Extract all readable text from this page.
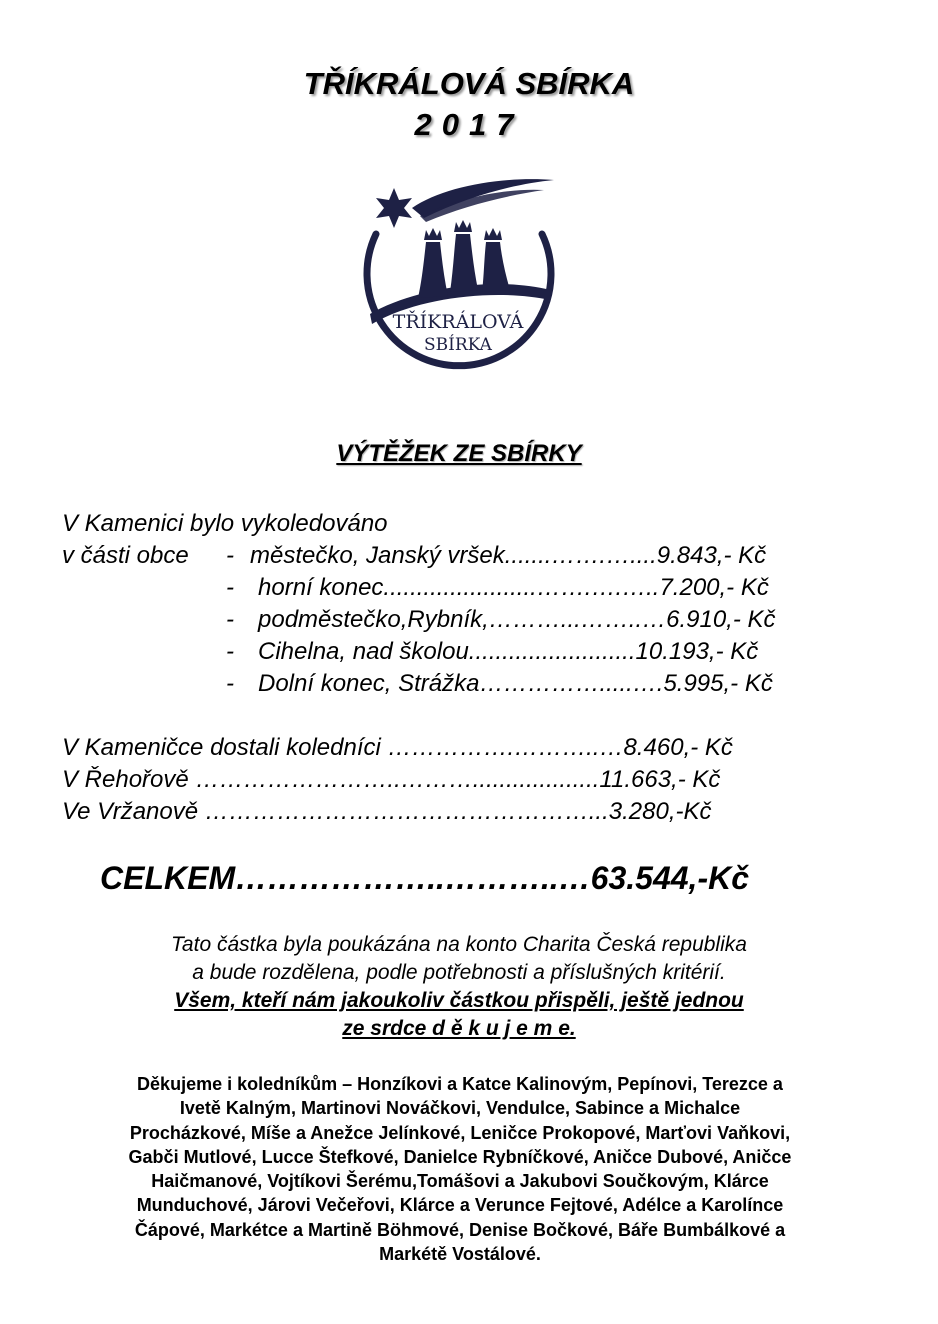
TŘÍKRÁLOVÁ SBÍRKA
2017
TŘÍKRÁLOVÁ
SBÍRKA
VÝTĚŽEK ZE SBÍRKY
V Kamenici bylo vykoledováno
v části obce - městečko, Janský vršek.......…….…....9.843,- Kč
- horní konec.......................…….….…..7.200,- Kč
- podměstečko,Rybník,………...……..…6.910,- Kč
- Cihelna, nad školou.........................10.193,- Kč
- Dolní konec, Strážka…………….....….5.995,- Kč
V Kameničce dostali koledníci …………….………..…8.460,- Kč
V Řehořově ……………………..………...................11.663,- Kč
Ve Vržanově …………………………………………...3.280,-Kč
CELKEM………………..………..…63.544,-Kč
Tato částka byla poukázána na konto Charita Česká republika
a bude rozdělena, podle potřebnosti a příslušných kritérií.
Všem, kteří nám jakoukoliv částkou přispěli, ještě jednou
ze srdce d ě k u j e m e.
Děkujeme i koledníkům – Honzíkovi a Katce Kalinovým, Pepínovi, Terezce a
Ivetě Kalným, Martinovi Nováčkovi, Vendulce, Sabince a Michalce
Procházkové, Míše a Anežce Jelínkové, Leničce Prokopové, Marťovi Vaňkovi,
Gabči Mutlové, Lucce Štefkové, Danielce Rybníčkové, Aničce Dubové, Aničce
Haičmanové, Vojtíkovi Šerému,Tomášovi a Jakubovi Součkovým, Klárce
Munduchové, Járovi Večeřovi, Klárce a Verunce Fejtové, Adélce a Karolínce
Čápové, Markétce a Martině Böhmové, Denise Bočkové, Báře Bumbálkové a
Markétě Vostálové.
